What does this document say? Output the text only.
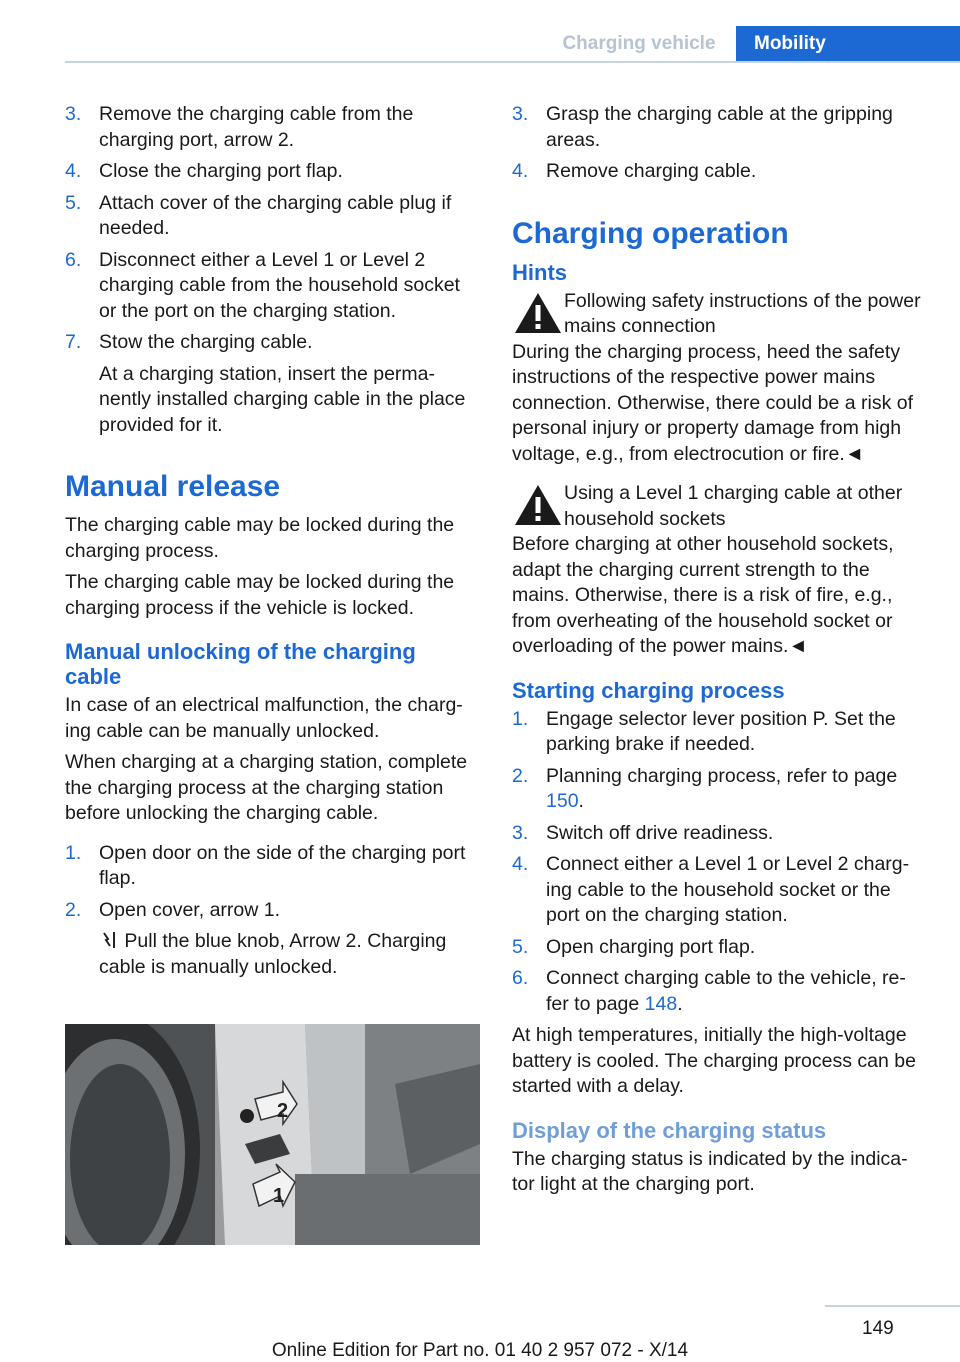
Charging vehicle	Mobility
3. Remove the charging cable from the charging port, arrow 2.

4. Close the charging port flap.

5. Attach cover of the charging cable plug if needed.

6. Disconnect either a Level 1 or Level 2 charging cable from the household socket or the port on the charging station.

7. Stow the charging cable.

At a charging station, insert the perma‐nently installed charging cable in the place provided for it.

Manual release

The charging cable may be locked during the charging process.

The charging cable may be locked during the charging process if the vehicle is locked.

Manual unlocking of the charging cable

In case of an electrical malfunction, the charg‐ing cable can be manually unlocked.

When charging at a charging station, complete the charging process at the charging station before unlocking the charging cable.

1. Open door on the side of the charging port flap.

2. Open cover, arrow 1.

Pull the blue knob, Arrow 2. Charging cable is manually unlocked.

2
1
3. Grasp the charging cable at the gripping areas.

4. Remove charging cable.

Charging operation
Hints
Following safety instructions of the power mains connection

During the charging process, heed the safety instructions of the respective power mains connection. Otherwise, there could be a risk of personal injury or property damage from high voltage, e.g., from electrocution or fire.◄

Using a Level 1 charging cable at other household sockets

Before charging at other household sockets, adapt the charging current strength to the mains. Otherwise, there is a risk of fire, e.g., from overheating of the household socket or overloading of the power mains.◄

Starting charging process
1. Engage selector lever position P. Set the parking brake if needed.

2. Planning charging process, refer to page 150.

3. Switch off drive readiness.

4. Connect either a Level 1 or Level 2 charg‐ing cable to the household socket or the port on the charging station.

5. Open charging port flap.

6. Connect charging cable to the vehicle, re‐fer to page 148.

At high temperatures, initially the high-voltage battery is cooled. The charging process can be started with a delay.

Display of the charging status

The charging status is indicated by the indica‐tor light at the charging port.

149
Online Edition for Part no. 01 40 2 957 072 - X/14
